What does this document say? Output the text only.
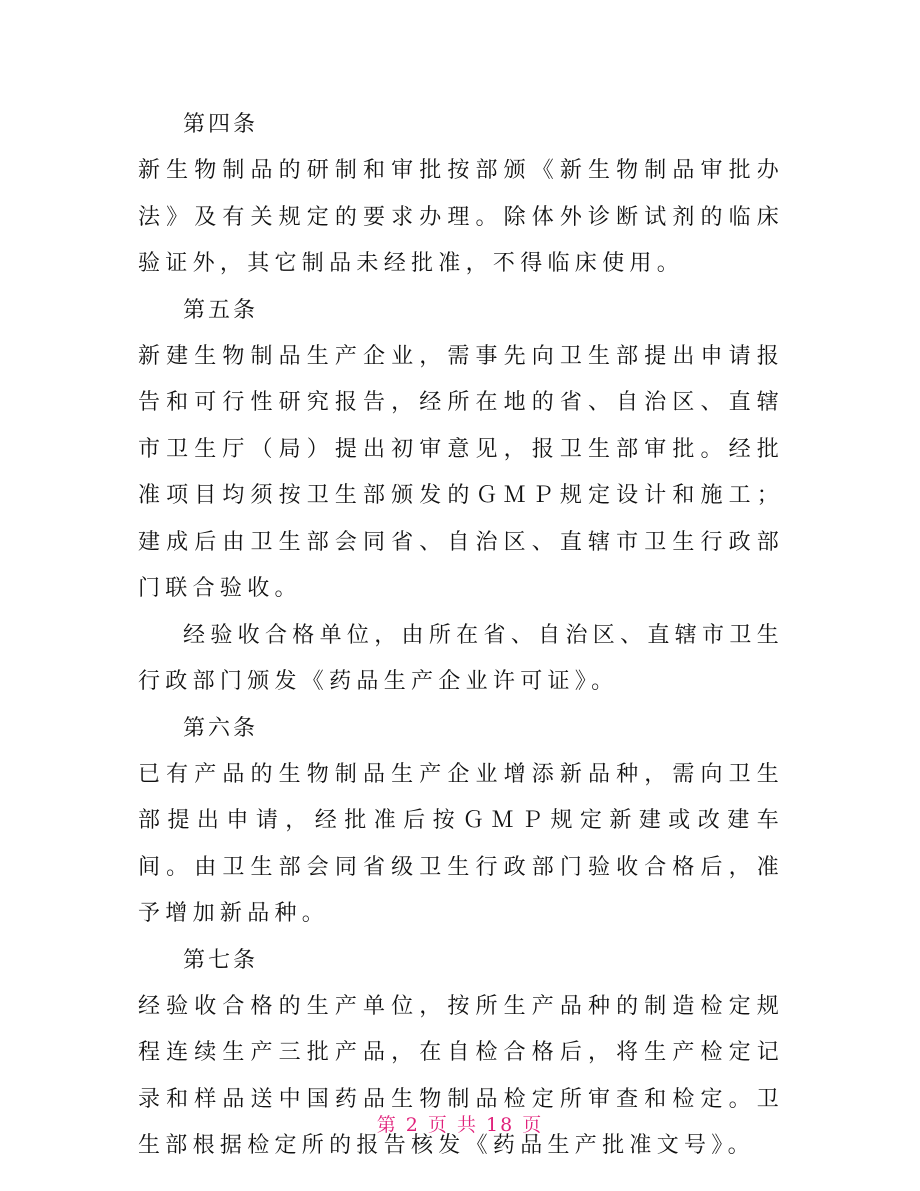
第四条

新生物制品的研制和审批按部颁《新生物制品审批办法》及有关规定的要求办理。除体外诊断试剂的临床验证外，其它制品未经批准，不得临床使用。

第五条

新建生物制品生产企业，需事先向卫生部提出申请报告和可行性研究报告，经所在地的省、自治区、直辖市卫生厅（局）提出初审意见，报卫生部审批。经批准项目均须按卫生部颁发的ＧＭＰ规定设计和施工；建成后由卫生部会同省、自治区、直辖市卫生行政部门联合验收。

经验收合格单位，由所在省、自治区、直辖市卫生行政部门颁发《药品生产企业许可证》。

第六条

已有产品的生物制品生产企业增添新品种，需向卫生部提出申请，经批准后按ＧＭＰ规定新建或改建车间。由卫生部会同省级卫生行政部门验收合格后，准予增加新品种。

第七条

经验收合格的生产单位，按所生产品种的制造检定规程连续生产三批产品，在自检合格后，将生产检定记录和样品送中国药品生物制品检定所审查和检定。卫生部根据检定所的报告核发《药品生产批准文号》。

第 2 页 共 18 页
